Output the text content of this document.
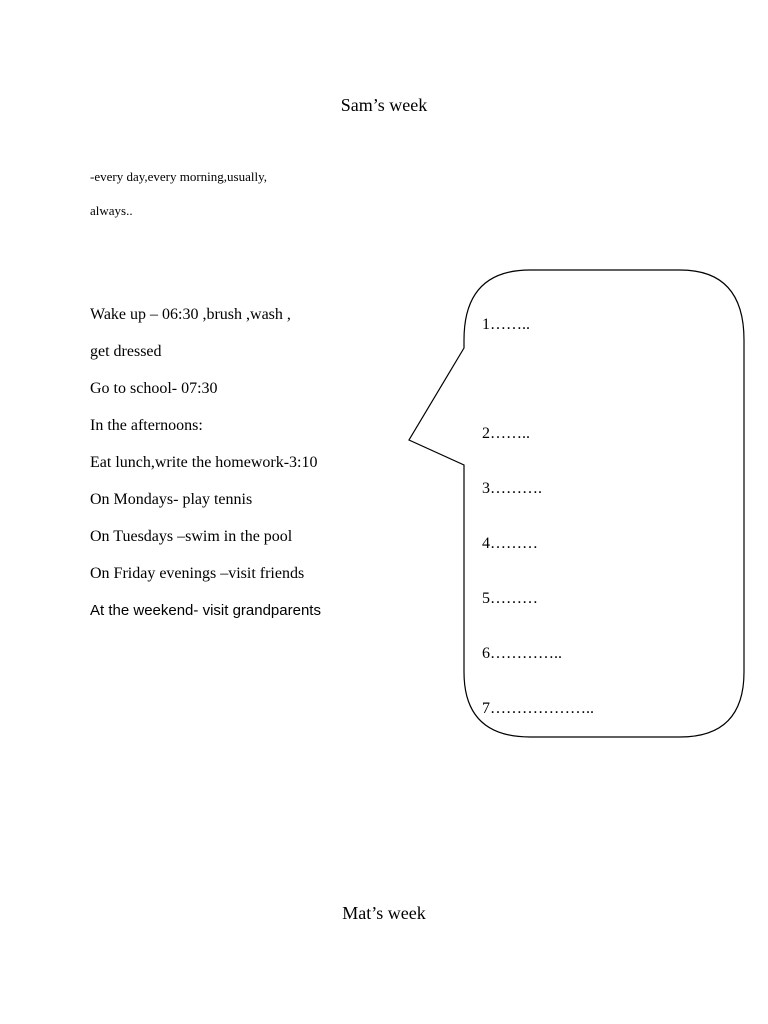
Sam’s week
-every day,every morning,usually,
always..
Wake up – 06:30 ,brush ,wash ,
get dressed
Go to school- 07:30
In the afternoons:
Eat lunch,write the homework-3:10
On Mondays- play tennis
On Tuesdays –swim in the pool
On Friday evenings –visit friends
At the weekend- visit grandparents
1……..
2……..
3……….
4………
5………
6…………..
7………………..
Mat’s week
